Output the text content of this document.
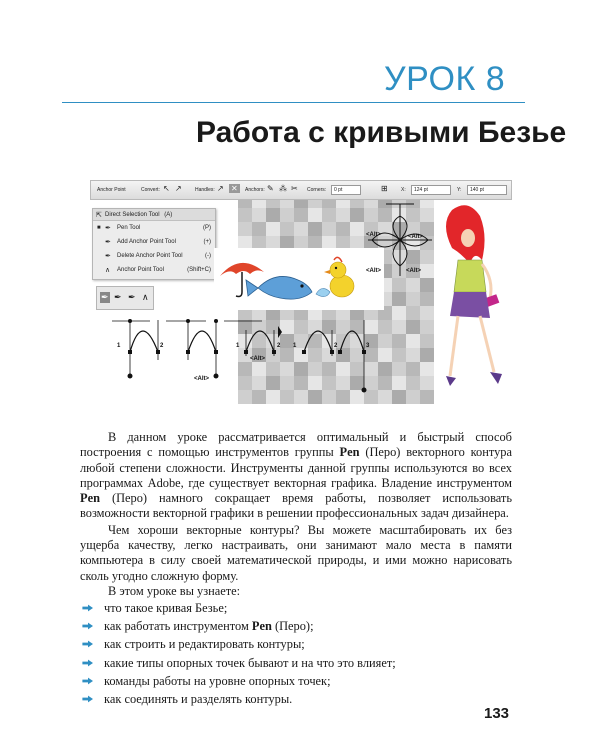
УРОК 8
Работа с кривыми Безье
Anchor Point	Convert: ↖ ↗	Handles: ↗ ✕	Anchors: ✎ ⁂ ✂ Corners:	0 pt	⊞	X:	124 pt	Y:	140 pt
⇱ Direct Selection Tool (A)
■ ✒ Pen Tool	(P)
✒ Add Anchor Point Tool	(+)
✒ Delete Anchor Point Tool	(-)
∧ Anchor Point Tool	(Shift+C)
✒ ✒ ✒ ∧
1	2	1	2 1	2	3
<Alt>
<Alt>
<Alt>
<Alt>
<Alt>	<Alt>

В данном уроке рассматривается оптимальный и быстрый способ построения с помощью инструментов группы Pen (Перо) векторного контура любой степени сложности. Инструменты данной группы используются во всех программах Adobe, где существует векторная графика. Владение инструментом Pen (Перо) намного сокращает время работы, позволяет использовать возможности векторной графики в решении профессиональных задач дизайнера.

Чем хороши векторные контуры? Вы можете масштабировать их без ущерба качеству, легко настраивать, они занимают мало места в памяти компьютера в силу своей математической природы, и ими можно нарисовать сколь угодно сложную форму.

В этом уроке вы узнаете:

что такое кривая Безье;
как работать инструментом Pen (Перо);
как строить и редактировать контуры;
какие типы опорных точек бывают и на что это влияет;
команды работы на уровне опорных точек;
как соединять и разделять контуры.
133
